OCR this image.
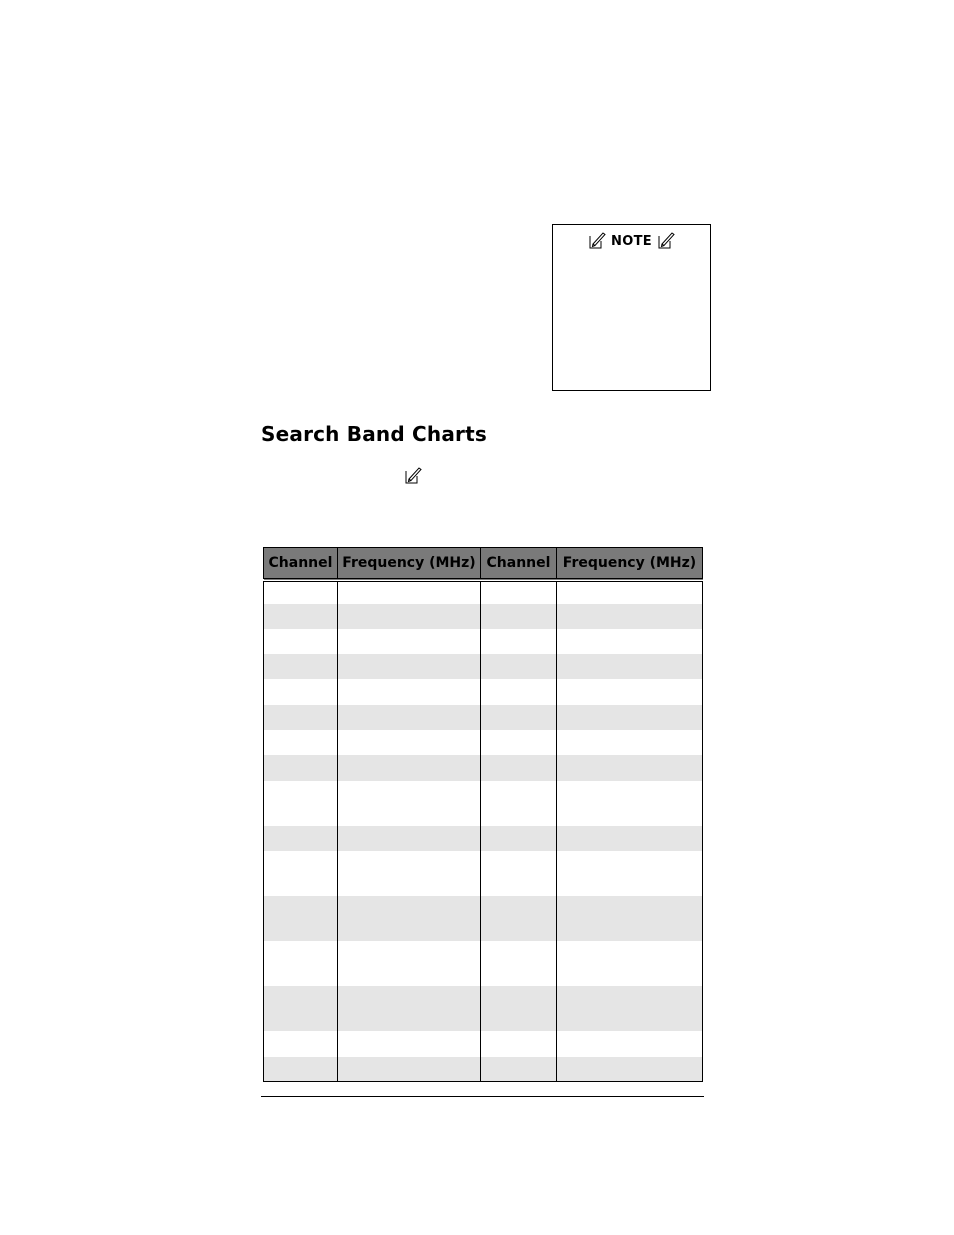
NOTE
Search Band Charts
Channel	Frequency (MHz)	Channel	Frequency (MHz)
